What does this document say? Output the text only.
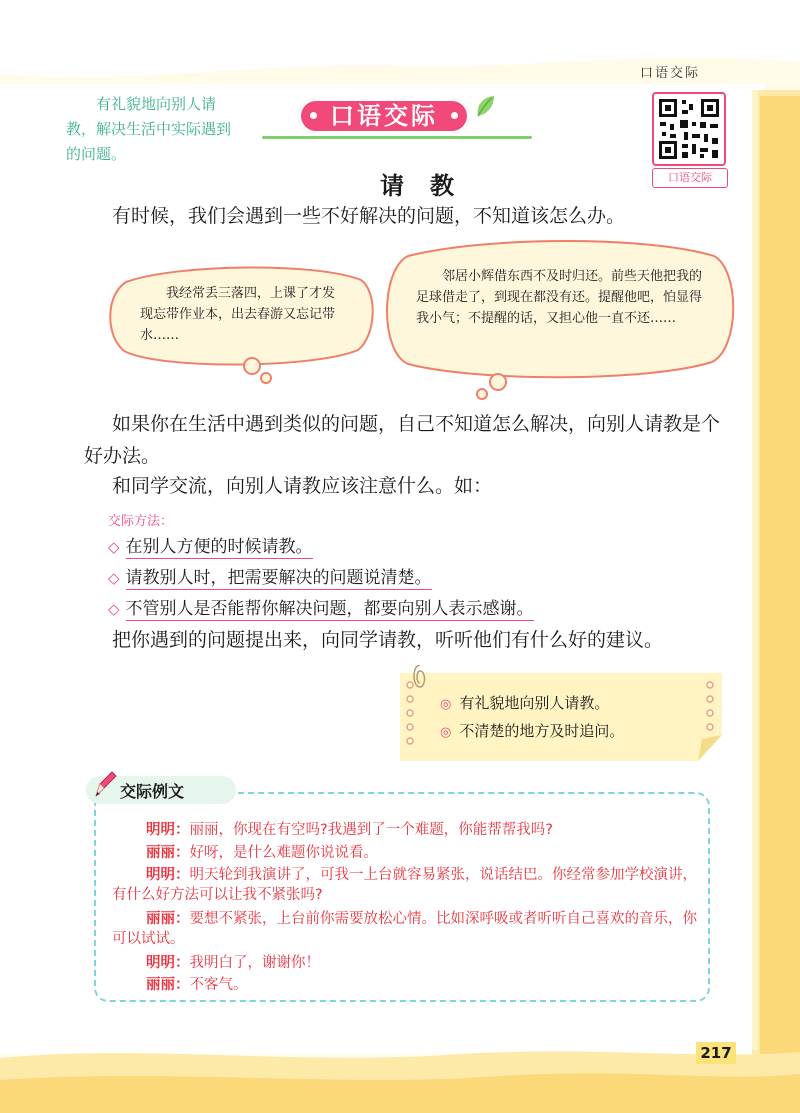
口语交际
有礼貌地向别人请教，解决生活中实际遇到的问题。
口语交际
口语交际
请教
有时候，我们会遇到一些不好解决的问题，不知道该怎么办。
我经常丢三落四，上课了才发现忘带作业本，出去春游又忘记带水……
邻居小辉借东西不及时归还。前些天他把我的足球借走了，到现在都没有还。提醒他吧，怕显得我小气；不提醒的话，又担心他一直不还……
如果你在生活中遇到类似的问题，自己不知道怎么解决，向别人请教是个好办法。
和同学交流，向别人请教应该注意什么。如：
交际方法：
◇ 在别人方便的时候请教。
◇ 请教别人时，把需要解决的问题说清楚。
◇ 不管别人是否能帮你解决问题，都要向别人表示感谢。
把你遇到的问题提出来，向同学请教，听听他们有什么好的建议。
◎ 有礼貌地向别人请教。
◎ 不清楚的地方及时追问。
交际例文
明明：丽丽，你现在有空吗?我遇到了一个难题，你能帮帮我吗?
丽丽：好呀，是什么难题你说说看。
明明：明天轮到我演讲了，可我一上台就容易紧张，说话结巴。你经常参加学校演讲，有什么好方法可以让我不紧张吗?
丽丽：要想不紧张，上台前你需要放松心情。比如深呼吸或者听听自己喜欢的音乐，你可以试试。
明明：我明白了，谢谢你！
丽丽：不客气。
217
